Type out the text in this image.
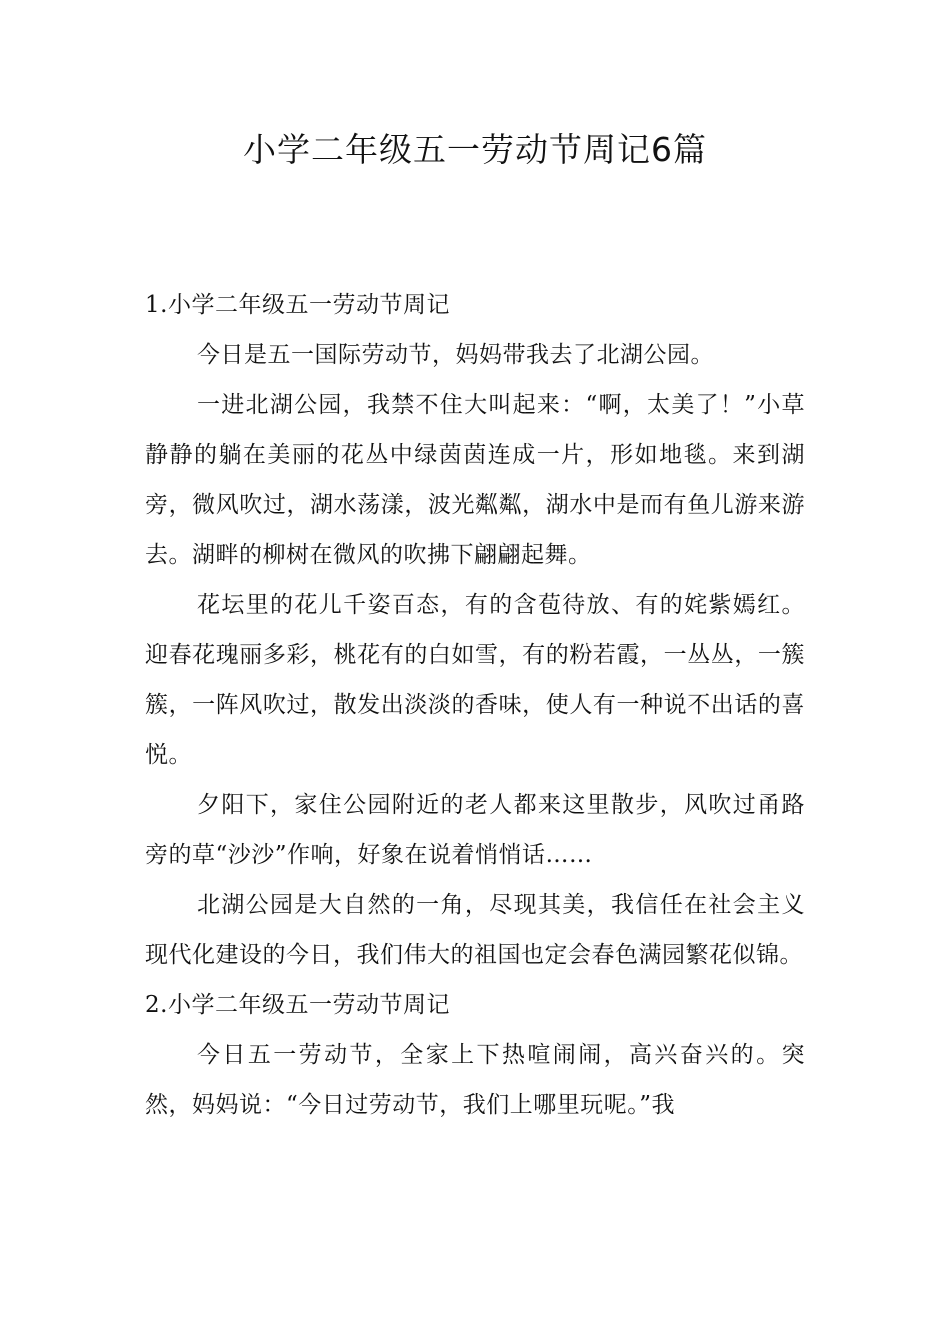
小学二年级五一劳动节周记6篇

1.小学二年级五一劳动节周记

今日是五一国际劳动节，妈妈带我去了北湖公园。

一进北湖公园，我禁不住大叫起来：“啊，太美了！”小草静静的躺在美丽的花丛中绿茵茵连成一片，形如地毯。来到湖旁，微风吹过，湖水荡漾，波光粼粼，湖水中是而有鱼儿游来游去。湖畔的柳树在微风的吹拂下翩翩起舞。

花坛里的花儿千姿百态，有的含苞待放、有的姹紫嫣红。迎春花瑰丽多彩，桃花有的白如雪，有的粉若霞，一丛丛，一簇簇，一阵风吹过，散发出淡淡的香味，使人有一种说不出话的喜悦。

夕阳下，家住公园附近的老人都来这里散步，风吹过甬路旁的草“沙沙”作响，好象在说着悄悄话……

北湖公园是大自然的一角，尽现其美，我信任在社会主义现代化建设的今日，我们伟大的祖国也定会春色满园繁花似锦。

2.小学二年级五一劳动节周记

今日五一劳动节，全家上下热喧闹闹，高兴奋兴的。突然，妈妈说：“今日过劳动节，我们上哪里玩呢。”我
